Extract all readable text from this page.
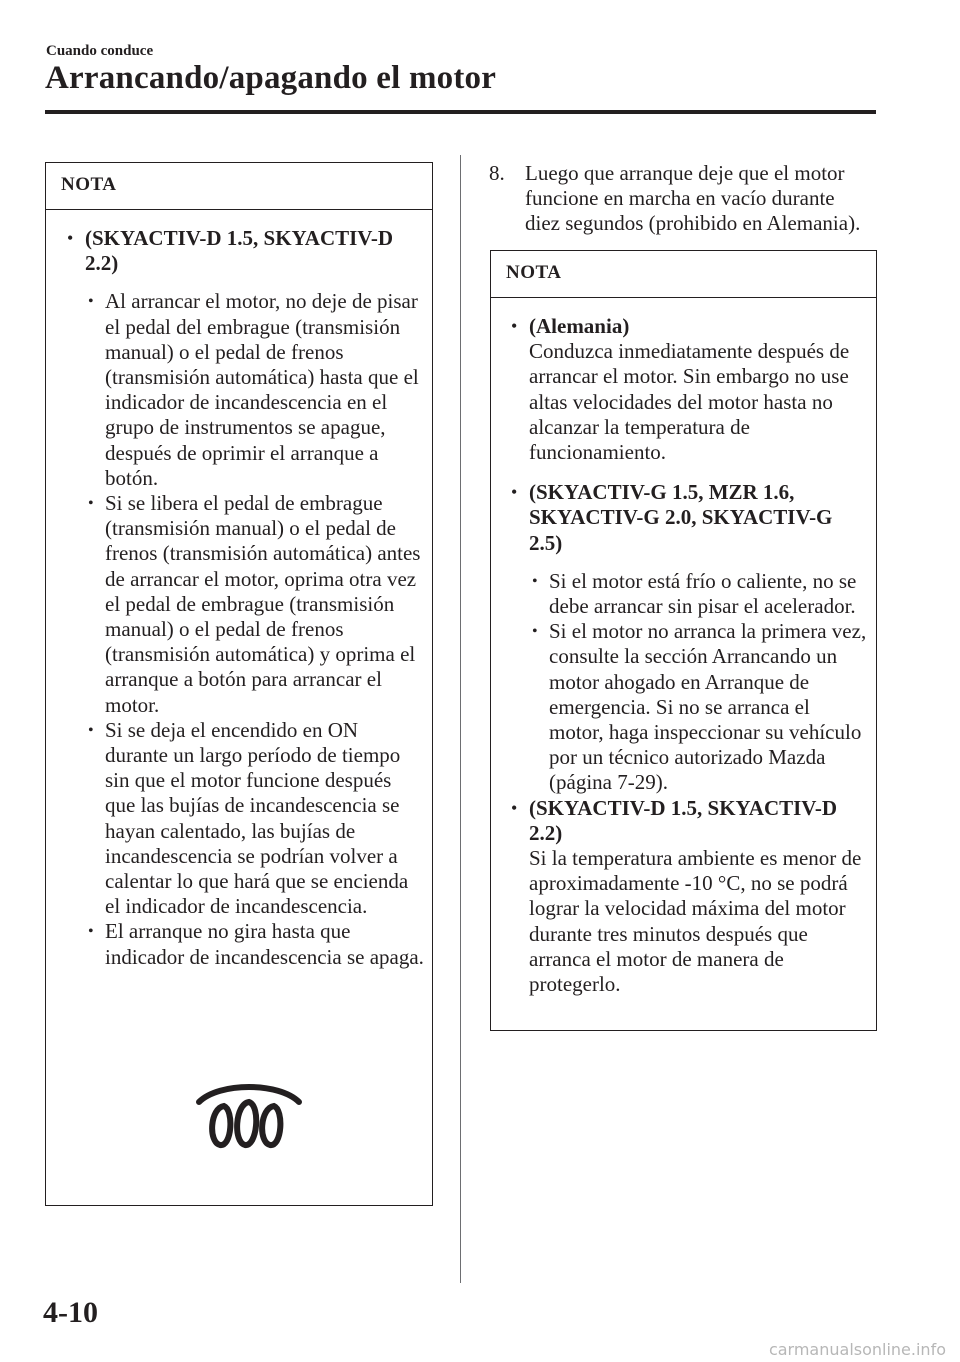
Cuando conduce
Arrancando/apagando el motor
NOTA
• (SKYACTIV-D 1.5, SKYACTIV-D 2.2)
• Al arrancar el motor, no deje de pisar el pedal del embrague (transmisión manual) o el pedal de frenos (transmisión automática) hasta que el indicador de incandescencia en el grupo de instrumentos se apague, después de oprimir el arranque a botón.
• Si se libera el pedal de embrague (transmisión manual) o el pedal de frenos (transmisión automática) antes de arrancar el motor, oprima otra vez el pedal de embrague (transmisión manual) o el pedal de frenos (transmisión automática) y oprima el arranque a botón para arrancar el motor.
• Si se deja el encendido en ON durante un largo período de tiempo sin que el motor funcione después que las bujías de incandescencia se hayan calentado, las bujías de incandescencia se podrían volver a calentar lo que hará que se encienda el indicador de incandescencia.
• El arranque no gira hasta que indicador de incandescencia se apaga.
8. Luego que arranque deje que el motor funcione en marcha en vacío durante diez segundos (prohibido en Alemania).
NOTA
• (Alemania)
Conduzca inmediatamente después de arrancar el motor. Sin embargo no use altas velocidades del motor hasta no alcanzar la temperatura de funcionamiento.
• (SKYACTIV-G 1.5, MZR 1.6, SKYACTIV-G 2.0, SKYACTIV-G 2.5)
• Si el motor está frío o caliente, no se debe arrancar sin pisar el acelerador.
• Si el motor no arranca la primera vez, consulte la sección Arrancando un motor ahogado en Arranque de emergencia. Si no se arranca el motor, haga inspeccionar su vehículo por un técnico autorizado Mazda (página 7-29).
• (SKYACTIV-D 1.5, SKYACTIV-D 2.2)
Si la temperatura ambiente es menor de aproximadamente -10 °C, no se podrá lograr la velocidad máxima del motor durante tres minutos después que arranca el motor de manera de protegerlo.
4-10
carmanualsonline.info
